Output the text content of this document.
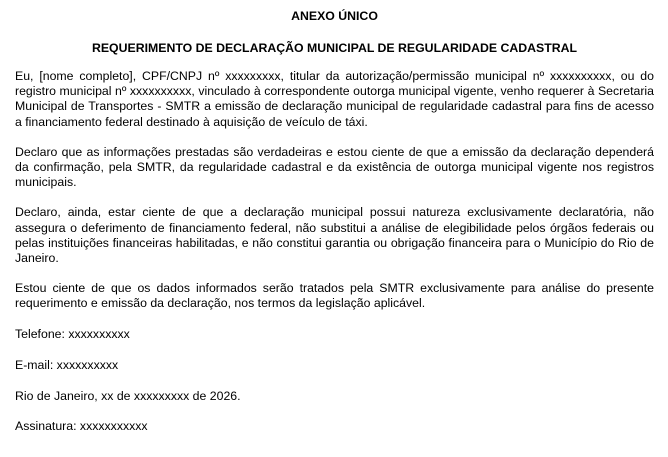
ANEXO ÚNICO

REQUERIMENTO DE DECLARAÇÃO MUNICIPAL DE REGULARIDADE CADASTRAL

Eu, [nome completo], CPF/CNPJ nº xxxxxxxxx, titular da autorização/permissão municipal nº xxxxxxxxxx, ou do registro municipal nº xxxxxxxxxx, vinculado à correspondente outorga municipal vigente, venho requerer à Secretaria Municipal de Transportes - SMTR a emissão de declaração municipal de regularidade cadastral para fins de acesso a financiamento federal destinado à aquisição de veículo de táxi.

Declaro que as informações prestadas são verdadeiras e estou ciente de que a emissão da declaração dependerá da confirmação, pela SMTR, da regularidade cadastral e da existência de outorga municipal vigente nos registros municipais.

Declaro, ainda, estar ciente de que a declaração municipal possui natureza exclusivamente declaratória, não assegura o deferimento de financiamento federal, não substitui a análise de elegibilidade pelos órgãos federais ou pelas instituições financeiras habilitadas, e não constitui garantia ou obrigação financeira para o Município do Rio de Janeiro.

Estou ciente de que os dados informados serão tratados pela SMTR exclusivamente para análise do presente requerimento e emissão da declaração, nos termos da legislação aplicável.

Telefone: xxxxxxxxxx

E-mail: xxxxxxxxxx

Rio de Janeiro, xx de xxxxxxxxx de 2026.

Assinatura: xxxxxxxxxxx
